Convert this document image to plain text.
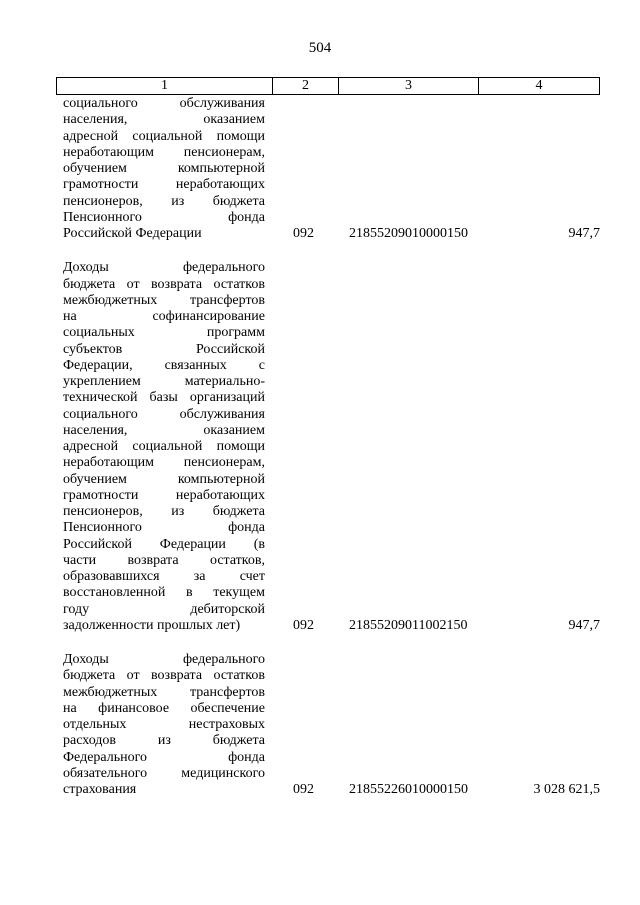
504
1	2	3	4
социального обслуживания
населения, оказанием
адресной социальной помощи
неработающим пенсионерам,
обучением компьютерной
грамотности неработающих
пенсионеров, из бюджета
Пенсионного фонда
Российской Федерации	092	21855209010000150	947,7
Доходы федерального
бюджета от возврата остатков
межбюджетных трансфертов
на софинансирование
социальных программ
субъектов Российской
Федерации, связанных с
укреплением материально-
технической базы организаций
социального обслуживания
населения, оказанием
адресной социальной помощи
неработающим пенсионерам,
обучением компьютерной
грамотности неработающих
пенсионеров, из бюджета
Пенсионного фонда
Российской Федерации (в
части возврата остатков,
образовавшихся за счет
восстановленной в текущем
году дебиторской
задолженности прошлых лет)	092	21855209011002150	947,7
Доходы федерального
бюджета от возврата остатков
межбюджетных трансфертов
на финансовое обеспечение
отдельных нестраховых
расходов из бюджета
Федерального фонда
обязательного медицинского
страхования	092	21855226010000150	3 028 621,5
